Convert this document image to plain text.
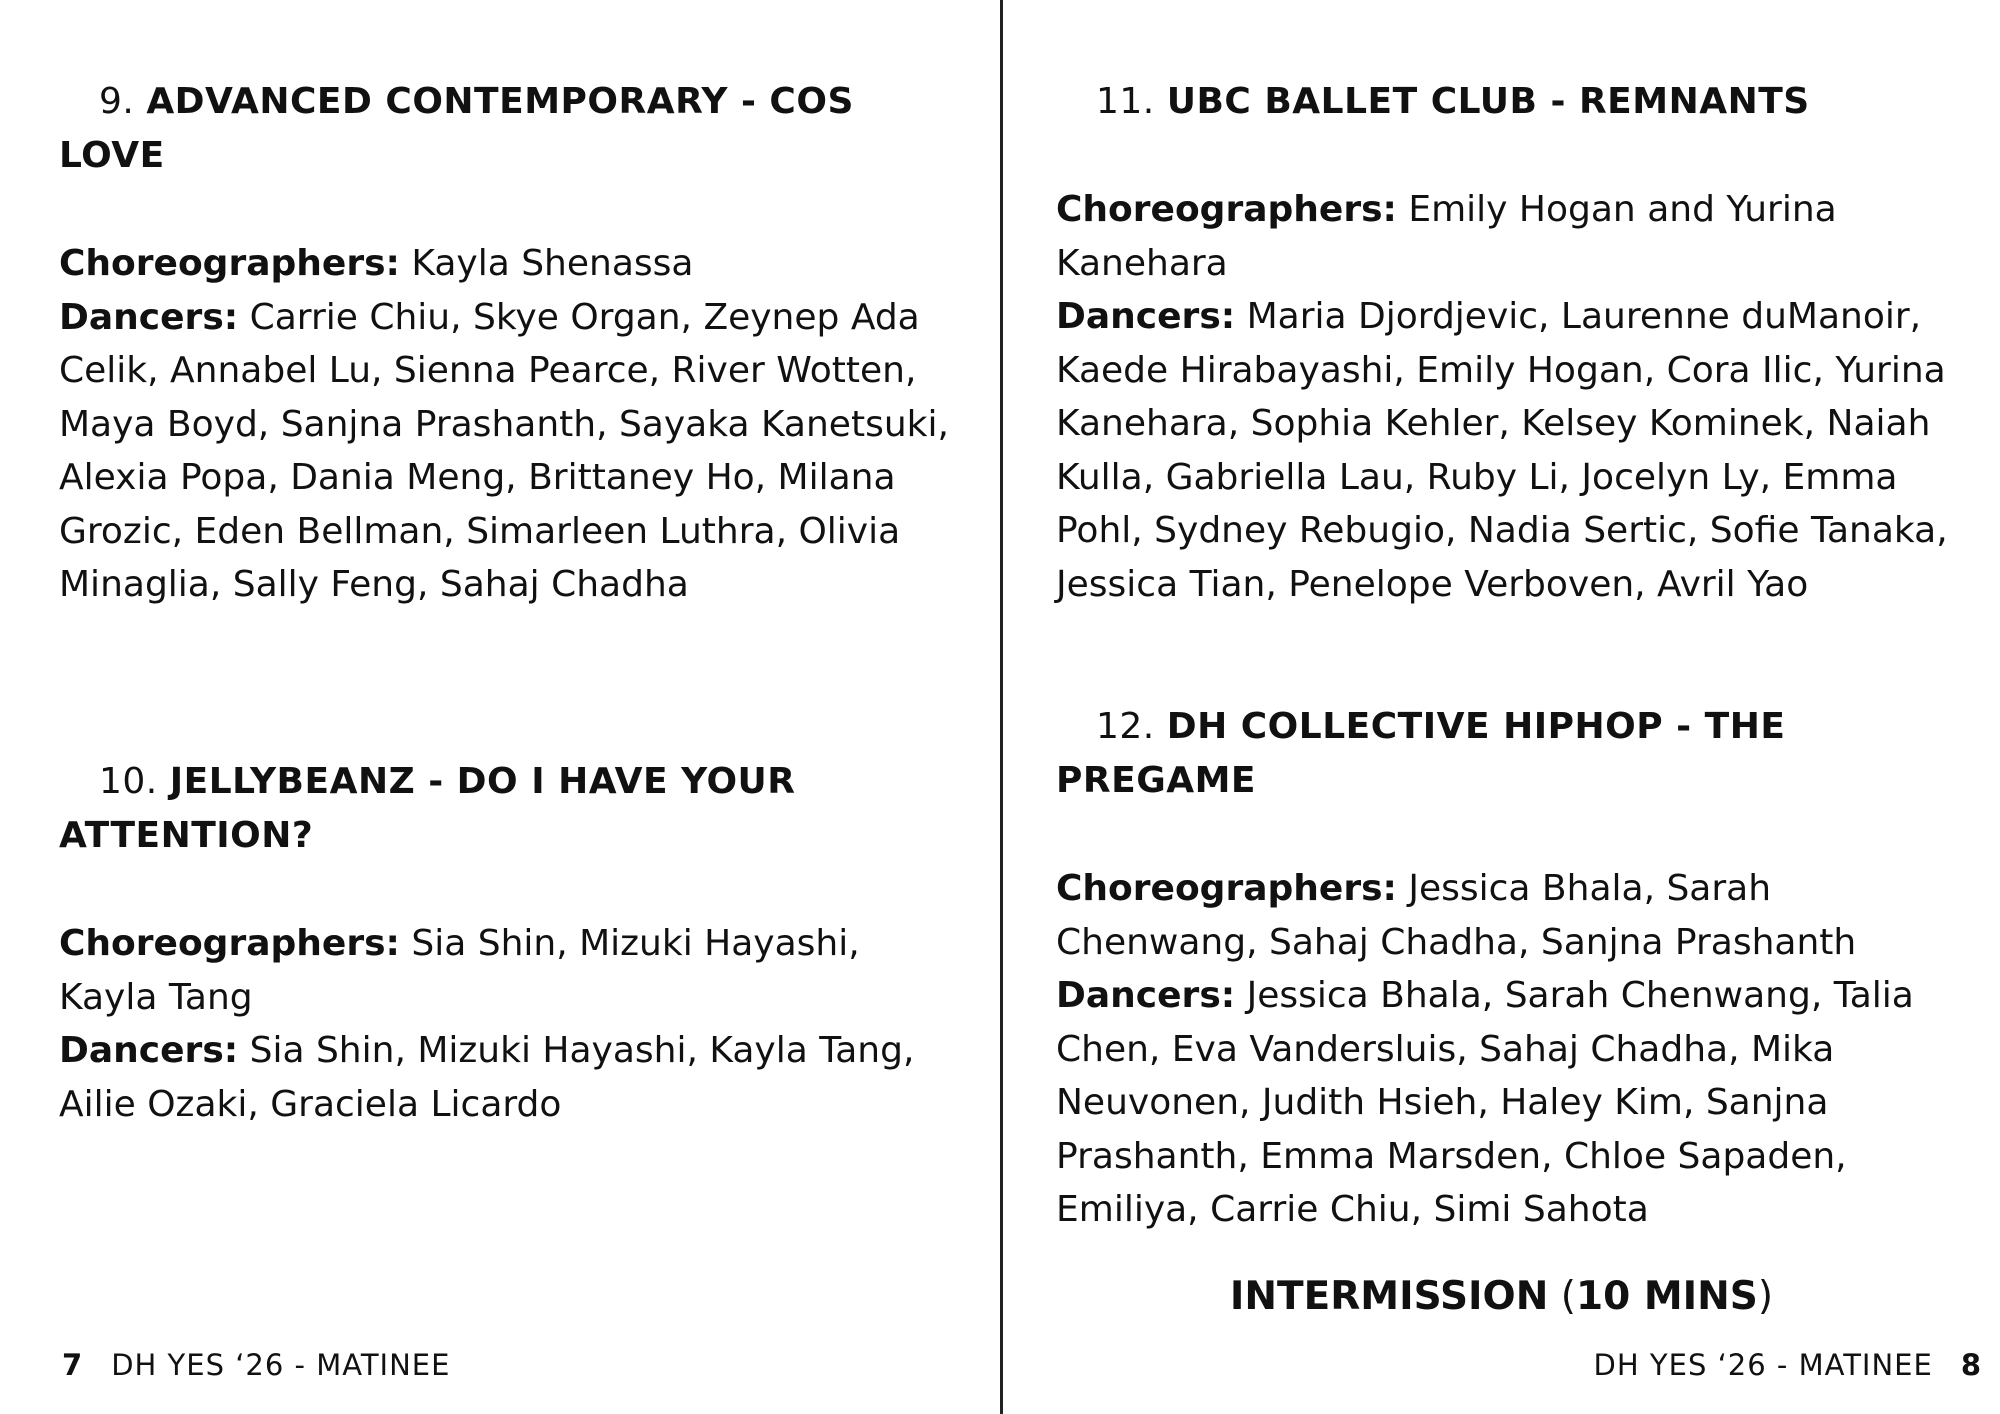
9. ADVANCED CONTEMPORARY - COS LOVE

Choreographers: Kayla Shenassa

Dancers: Carrie Chiu, Skye Organ, Zeynep Ada Celik, Annabel Lu, Sienna Pearce, River Wotten, Maya Boyd, Sanjna Prashanth, Sayaka Kanetsuki, Alexia Popa, Dania Meng, Brittaney Ho, Milana Grozic, Eden Bellman, Simarleen Luthra, Olivia Minaglia, Sally Feng, Sahaj Chadha

10. JELLYBEANZ - DO I HAVE YOUR ATTENTION?

Choreographers: Sia Shin, Mizuki Hayashi, Kayla Tang

Dancers: Sia Shin, Mizuki Hayashi, Kayla Tang, Ailie Ozaki, Graciela Licardo

7 DH YES ‘26 - MATINEE
11. UBC BALLET CLUB - REMNANTS

Choreographers: Emily Hogan and Yurina Kanehara

Dancers: Maria Djordjevic, Laurenne duManoir, Kaede Hirabayashi, Emily Hogan, Cora Ilic, Yurina Kanehara, Sophia Kehler, Kelsey Kominek, Naiah Kulla, Gabriella Lau, Ruby Li, Jocelyn Ly, Emma Pohl, Sydney Rebugio, Nadia Sertic, Sofie Tanaka, Jessica Tian, Penelope Verboven, Avril Yao

12. DH COLLECTIVE HIPHOP - THE PREGAME

Choreographers: Jessica Bhala, Sarah Chenwang, Sahaj Chadha, Sanjna Prashanth

Dancers: Jessica Bhala, Sarah Chenwang, Talia Chen, Eva Vandersluis, Sahaj Chadha, Mika Neuvonen, Judith Hsieh, Haley Kim, Sanjna Prashanth, Emma Marsden, Chloe Sapaden, Emiliya, Carrie Chiu, Simi Sahota

INTERMISSION (10 MINS)
DH YES ‘26 - MATINEE 8
